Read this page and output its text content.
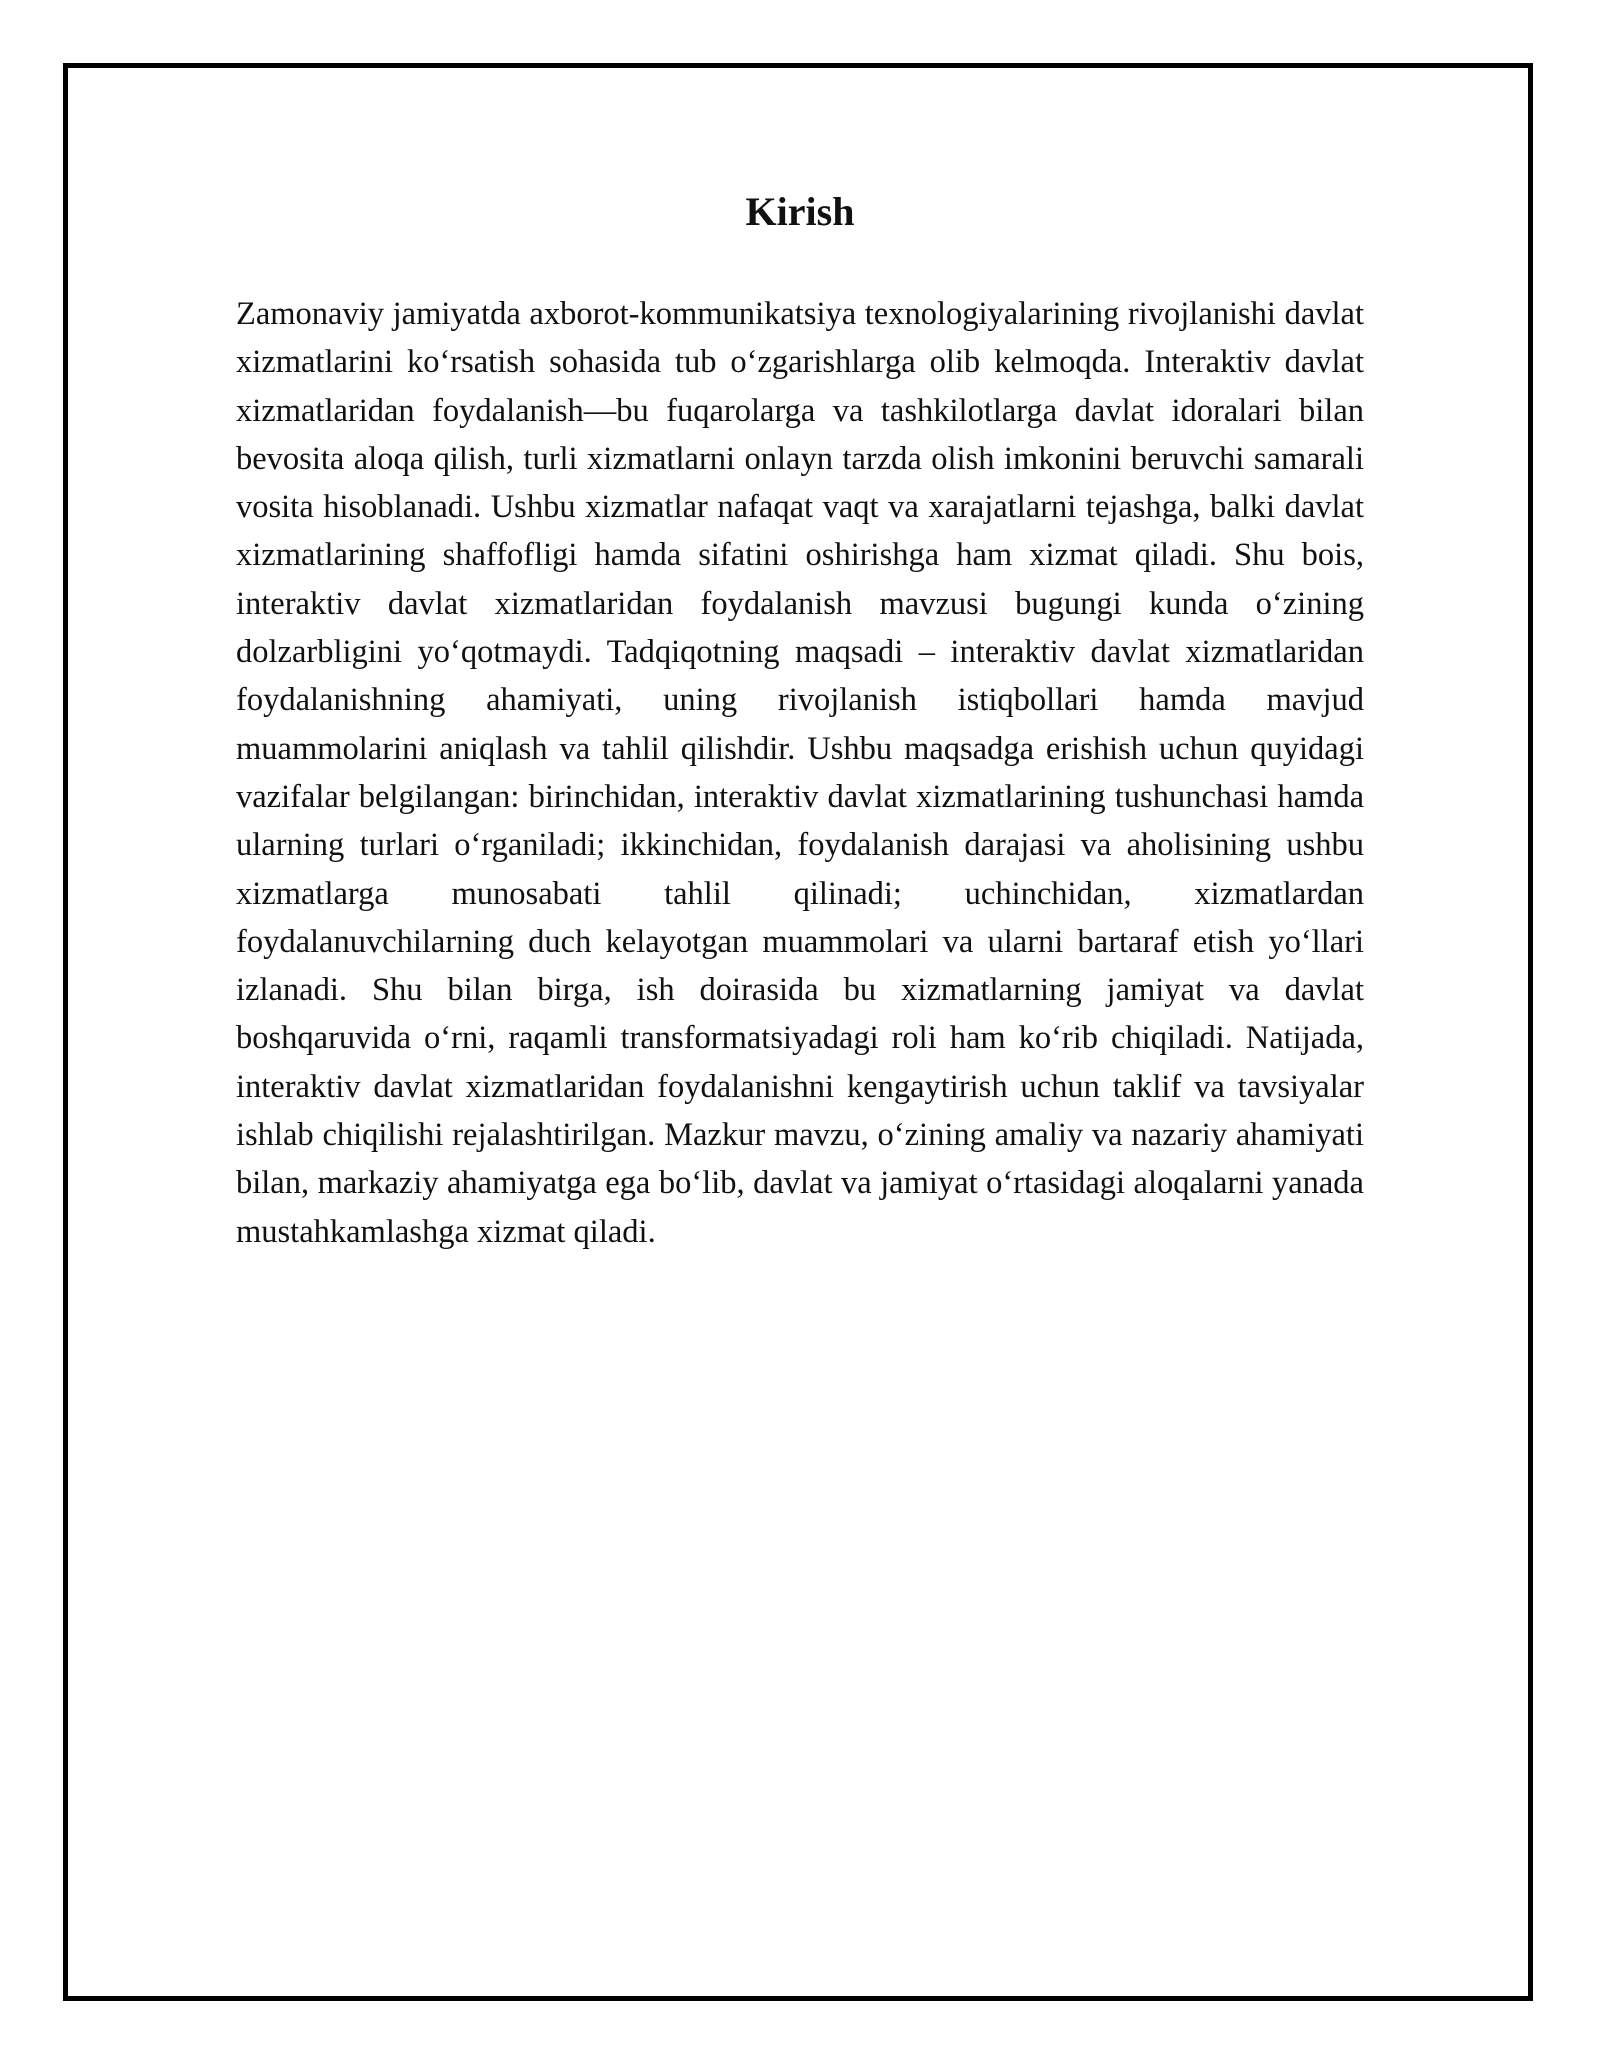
Kirish

Zamonaviy jamiyatda axborot-kommunikatsiya texnologiyalarining rivojlanishi davlat xizmatlarini ko‘rsatish sohasida tub o‘zgarishlarga olib kelmoqda. Interaktiv davlat xizmatlaridan foydalanish—bu fuqarolarga va tashkilotlarga davlat idoralari bilan bevosita aloqa qilish, turli xizmatlarni onlayn tarzda olish imkonini beruvchi samarali vosita hisoblanadi. Ushbu xizmatlar nafaqat vaqt va xarajatlarni tejashga, balki davlat xizmatlarining shaffofligi hamda sifatini oshirishga ham xizmat qiladi. Shu bois, interaktiv davlat xizmatlaridan foydalanish mavzusi bugungi kunda o‘zining dolzarbligini yo‘qotmaydi. Tadqiqotning maqsadi – interaktiv davlat xizmatlaridan foydalanishning ahamiyati, uning rivojlanish istiqbollari hamda mavjud muammolarini aniqlash va tahlil qilishdir. Ushbu maqsadga erishish uchun quyidagi vazifalar belgilangan: birinchidan, interaktiv davlat xizmatlarining tushunchasi hamda ularning turlari o‘rganiladi; ikkinchidan, foydalanish darajasi va aholisining ushbu xizmatlarga munosabati tahlil qilinadi; uchinchidan, xizmatlardan foydalanuvchilarning duch kelayotgan muammolari va ularni bartaraf etish yo‘llari izlanadi. Shu bilan birga, ish doirasida bu xizmatlarning jamiyat va davlat boshqaruvida o‘rni, raqamli transformatsiyadagi roli ham ko‘rib chiqiladi. Natijada, interaktiv davlat xizmatlaridan foydalanishni kengaytirish uchun taklif va tavsiyalar ishlab chiqilishi rejalashtirilgan. Mazkur mavzu, o‘zining amaliy va nazariy ahamiyati bilan, markaziy ahamiyatga ega bo‘lib, davlat va jamiyat o‘rtasidagi aloqalarni yanada mustahkamlashga xizmat qiladi.
